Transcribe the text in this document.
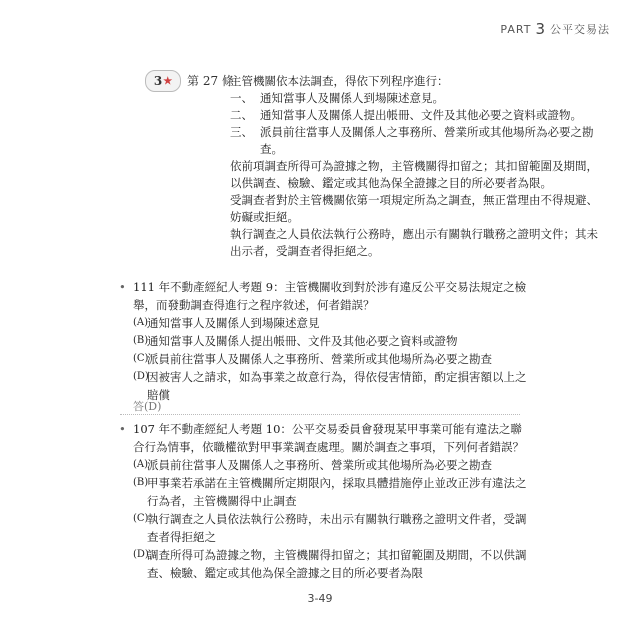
PART 3 公平交易法
3 ★ 第 27 條

主管機關依本法調查，得依下列程序進行：

一、 通知當事人及關係人到場陳述意見。
二、 通知當事人及關係人提出帳冊、文件及其他必要之資料或證物。
三、 派員前往當事人及關係人之事務所、營業所或其他場所為必要之勘查。

依前項調查所得可為證據之物，主管機關得扣留之；其扣留範圍及期間，以供調查、檢驗、鑑定或其他為保全證據之目的所必要者為限。

受調查者對於主管機關依第一項規定所為之調查，無正當理由不得規避、妨礙或拒絕。

執行調查之人員依法執行公務時，應出示有關執行職務之證明文件；其未出示者，受調查者得拒絕之。

• 111 年不動產經紀人考題 9：主管機關收到對於涉有違反公平交易法規定之檢舉，而發動調查得進行之程序敘述，何者錯誤？

(A)
通知當事人及關係人到場陳述意見
(B)
通知當事人及關係人提出帳冊、文件及其他必要之資料或證物
(C)
派員前往當事人及關係人之事務所、營業所或其他場所為必要之勘查
(D)
因被害人之請求，如為事業之故意行為，得依侵害情節，酌定損害額以上之賠償
答(D)
• 107 年不動產經紀人考題 10：公平交易委員會發現某甲事業可能有違法之聯合行為情事，依職權欲對甲事業調查處理。關於調查之事項，下列何者錯誤？

(A)
派員前往當事人及關係人之事務所、營業所或其他場所為必要之勘查
(B)
甲事業若承諾在主管機關所定期限內，採取具體措施停止並改正涉有違法之行為者，主管機關得中止調查
(C)
執行調查之人員依法執行公務時，未出示有關執行職務之證明文件者，受調查者得拒絕之
(D)
調查所得可為證據之物，主管機關得扣留之；其扣留範圍及期間，不以供調查、檢驗、鑑定或其他為保全證據之目的所必要者為限
3-49
